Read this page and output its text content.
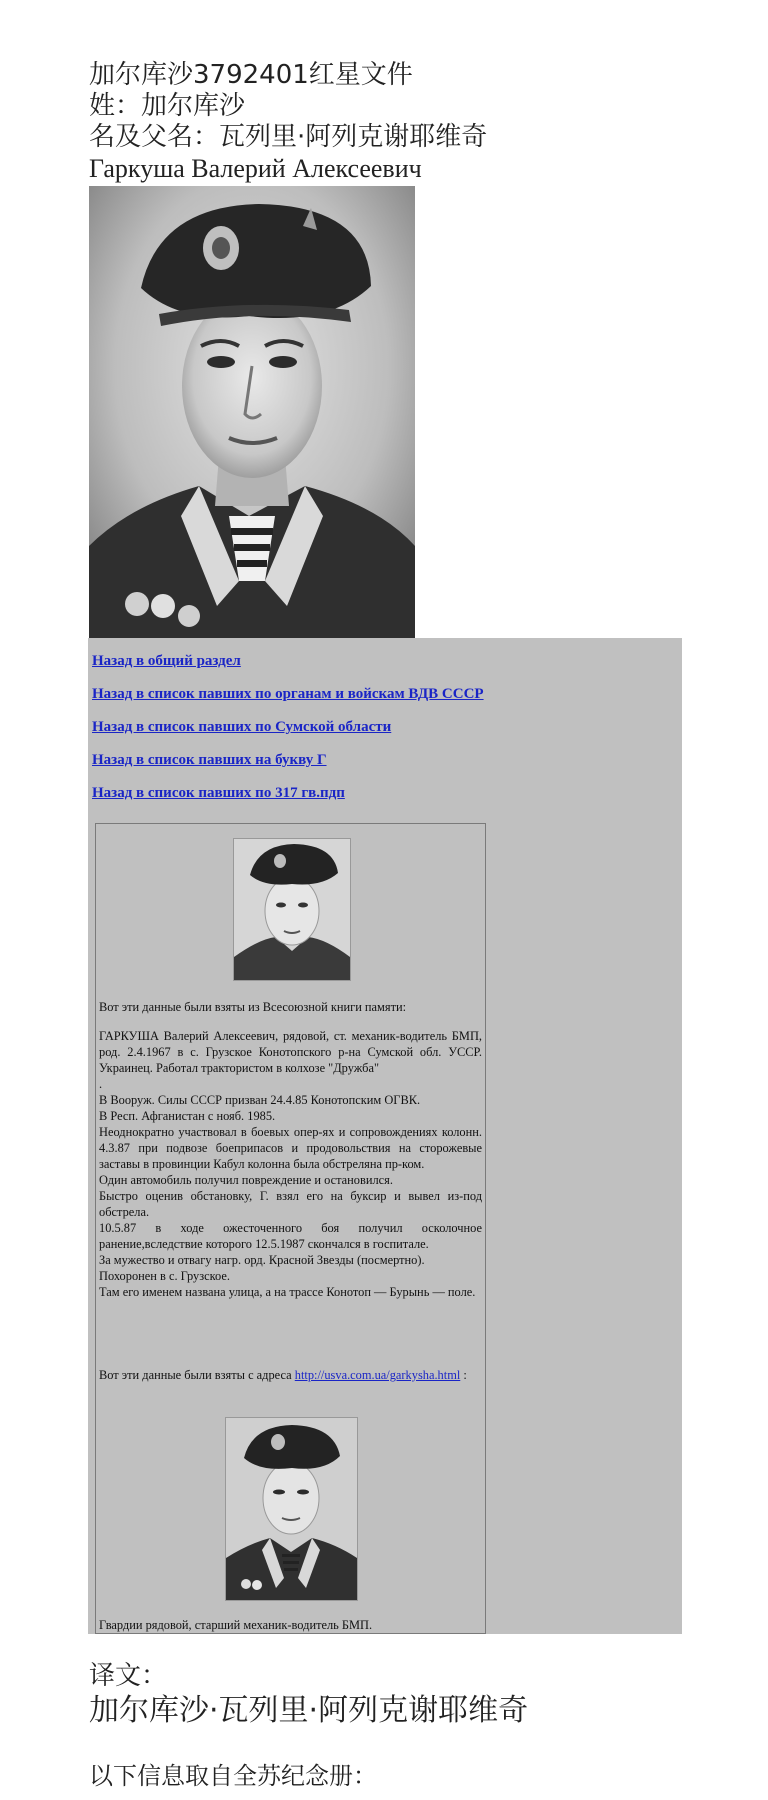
加尔库沙3792401红星文件

姓：加尔库沙

名及父名：瓦列里·阿列克谢耶维奇

Гаркуша Валерий Алексеевич

Назад в общий раздел
Назад в список павших по органам и войскам ВДВ СССР
Назад в список павших по Сумской области
Назад в список павших на букву Г
Назад в список павших по 317 гв.пдп

Вот эти данные были взяты из Всесоюзной книги памяти:

ГАРКУША Валерий Алексеевич, рядовой, ст. механик-водитель БМП, род. 2.4.1967 в с. Грузское Конотопского р-на Сумской обл. УССР. Украинец. Работал трактористом в колхозе "Дружба"

.

В Вооруж. Силы СССР призван 24.4.85 Конотопским ОГВК.

В Респ. Афганистан с нояб. 1985.

Неоднократно участвовал в боевых опер-ях и сопровождениях колонн. 4.3.87 при подвозе боеприпасов и продовольствия на сторожевые заставы в провинции Кабул колонна была обстреляна пр-ком.

Один автомобиль получил повреждение и остановился.

Быстро оценив обстановку, Г. взял его на буксир и вывел из-под обстрела.

10.5.87 в ходе ожесточенного боя получил осколочное ранение,вследствие которого 12.5.1987 скончался в госпитале.

За мужество и отвагу нагр. орд. Красной Звезды (посмертно).

Похоронен в с. Грузское.

Там его именем названа улица, а на трассе Конотоп — Бурынь — поле.

Вот эти данные были взяты с адреса http://usva.com.ua/garkysha.html :

Гвардии рядовой, старший механик-водитель БМП.

译文：

加尔库沙·瓦列里·阿列克谢耶维奇

以下信息取自全苏纪念册：
